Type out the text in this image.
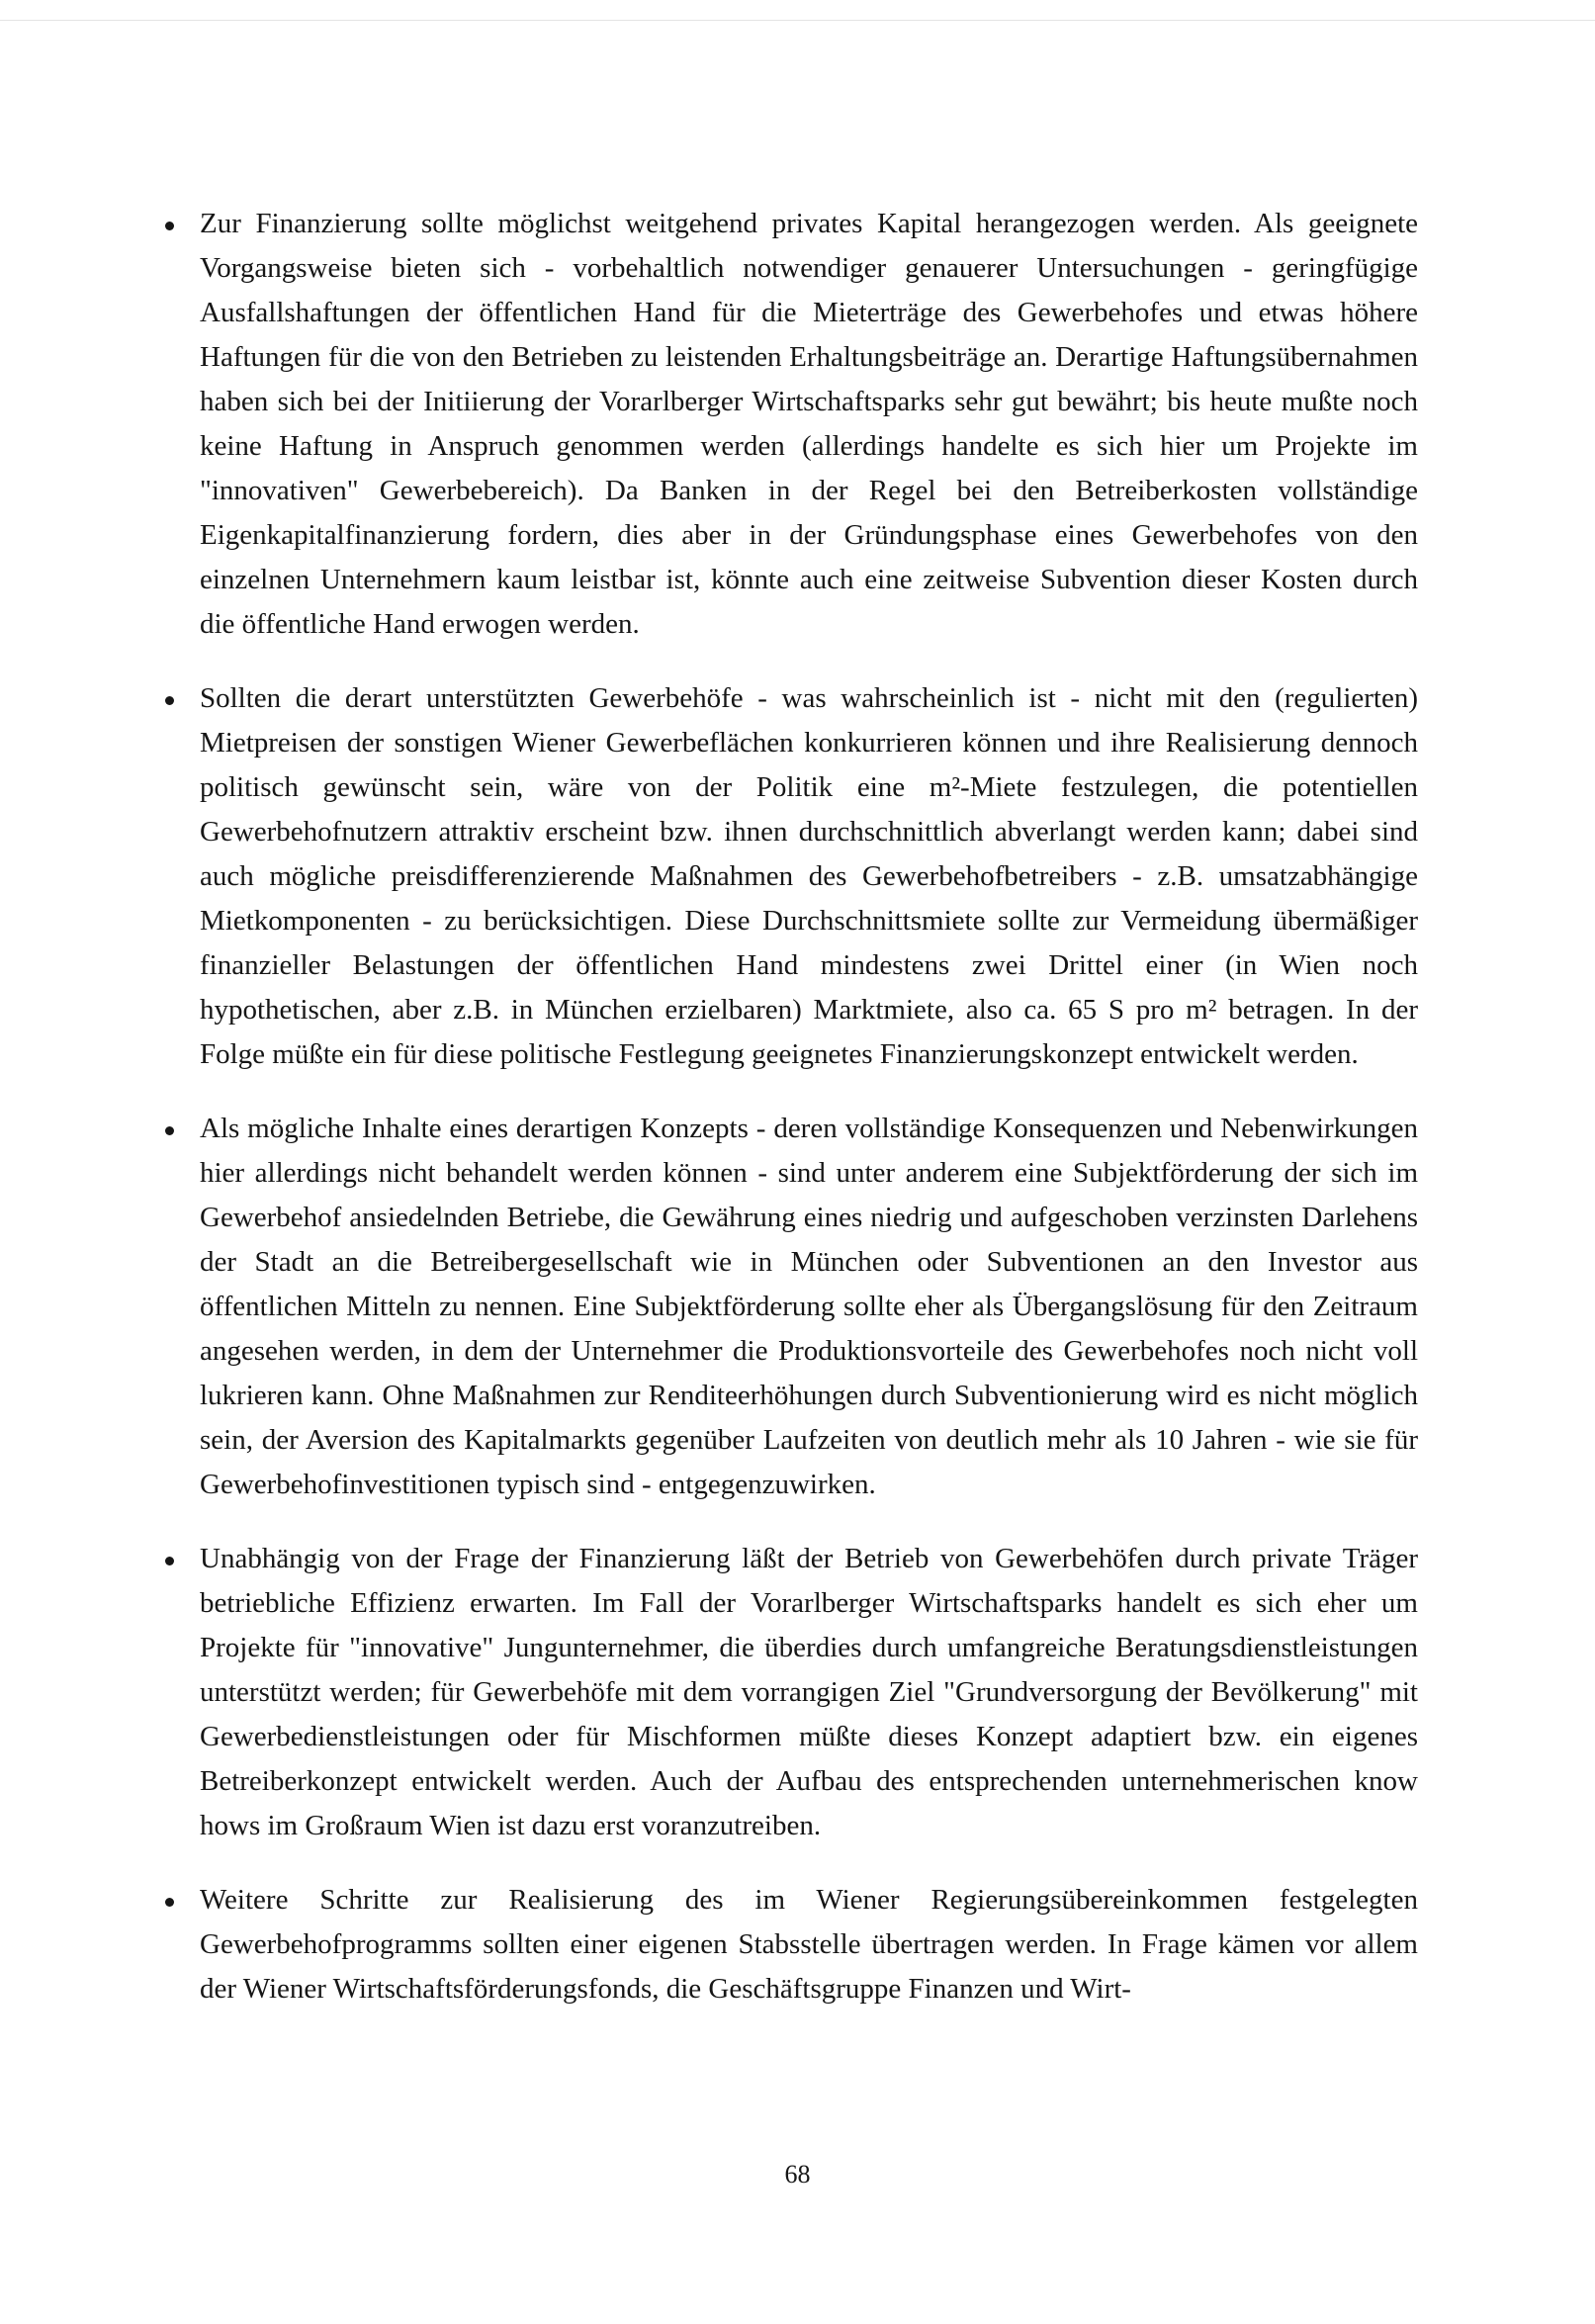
Zur Finanzierung sollte möglichst weitgehend privates Kapital herangezogen werden. Als geeignete Vorgangsweise bieten sich - vorbehaltlich notwendiger genauerer Untersuchungen - geringfügige Ausfallshaftungen der öffentlichen Hand für die Mieterträge des Gewerbehofes und etwas höhere Haftungen für die von den Betrieben zu leistenden Erhaltungsbeiträge an. Derartige Haftungsübernahmen haben sich bei der Initiierung der Vorarlberger Wirtschaftsparks sehr gut bewährt; bis heute mußte noch keine Haftung in Anspruch genommen werden (allerdings handelte es sich hier um Projekte im "innovativen" Gewerbebereich). Da Banken in der Regel bei den Betreiberkosten vollständige Eigenkapitalfinanzierung fordern, dies aber in der Gründungsphase eines Gewerbehofes von den einzelnen Unternehmern kaum leistbar ist, könnte auch eine zeitweise Subvention dieser Kosten durch die öffentliche Hand erwogen werden.

Sollten die derart unterstützten Gewerbehöfe - was wahrscheinlich ist - nicht mit den (regulierten) Mietpreisen der sonstigen Wiener Gewerbeflächen konkurrieren können und ihre Realisierung dennoch politisch gewünscht sein, wäre von der Politik eine m²-Miete festzulegen, die potentiellen Gewerbehofnutzern attraktiv erscheint bzw. ihnen durchschnittlich abverlangt werden kann; dabei sind auch mögliche preisdifferenzierende Maßnahmen des Gewerbehofbetreibers - z.B. umsatzabhängige Mietkomponenten - zu berücksichtigen. Diese Durchschnittsmiete sollte zur Vermeidung übermäßiger finanzieller Belastungen der öffentlichen Hand mindestens zwei Drittel einer (in Wien noch hypothetischen, aber z.B. in München erzielbaren) Marktmiete, also ca. 65 S pro m² betragen. In der Folge müßte ein für diese politische Festlegung geeignetes Finanzierungskonzept entwickelt werden.

Als mögliche Inhalte eines derartigen Konzepts - deren vollständige Konsequenzen und Nebenwirkungen hier allerdings nicht behandelt werden können - sind unter anderem eine Subjektförderung der sich im Gewerbehof ansiedelnden Betriebe, die Gewährung eines niedrig und aufgeschoben verzinsten Darlehens der Stadt an die Betreibergesellschaft wie in München oder Subventionen an den Investor aus öffentlichen Mitteln zu nennen. Eine Subjektförderung sollte eher als Übergangslösung für den Zeitraum angesehen werden, in dem der Unternehmer die Produktionsvorteile des Gewerbehofes noch nicht voll lukrieren kann. Ohne Maßnahmen zur Renditeerhöhungen durch Subventionierung wird es nicht möglich sein, der Aversion des Kapitalmarkts gegenüber Laufzeiten von deutlich mehr als 10 Jahren - wie sie für Gewerbehofinvestitionen typisch sind - entgegenzuwirken.

Unabhängig von der Frage der Finanzierung läßt der Betrieb von Gewerbehöfen durch private Träger betriebliche Effizienz erwarten. Im Fall der Vorarlberger Wirtschaftsparks handelt es sich eher um Projekte für "innovative" Jungunternehmer, die überdies durch umfangreiche Beratungsdienstleistungen unterstützt werden; für Gewerbehöfe mit dem vorrangigen Ziel "Grundversorgung der Bevölkerung" mit Gewerbedienstleistungen oder für Mischformen müßte dieses Konzept adaptiert bzw. ein eigenes Betreiberkonzept entwickelt werden. Auch der Aufbau des entsprechenden unternehmerischen know hows im Großraum Wien ist dazu erst voranzutreiben.

Weitere Schritte zur Realisierung des im Wiener Regierungsübereinkommen festgelegten Gewerbehofprogramms sollten einer eigenen Stabsstelle übertragen werden. In Frage kämen vor allem der Wiener Wirtschaftsförderungsfonds, die Geschäftsgruppe Finanzen und Wirt-

68
